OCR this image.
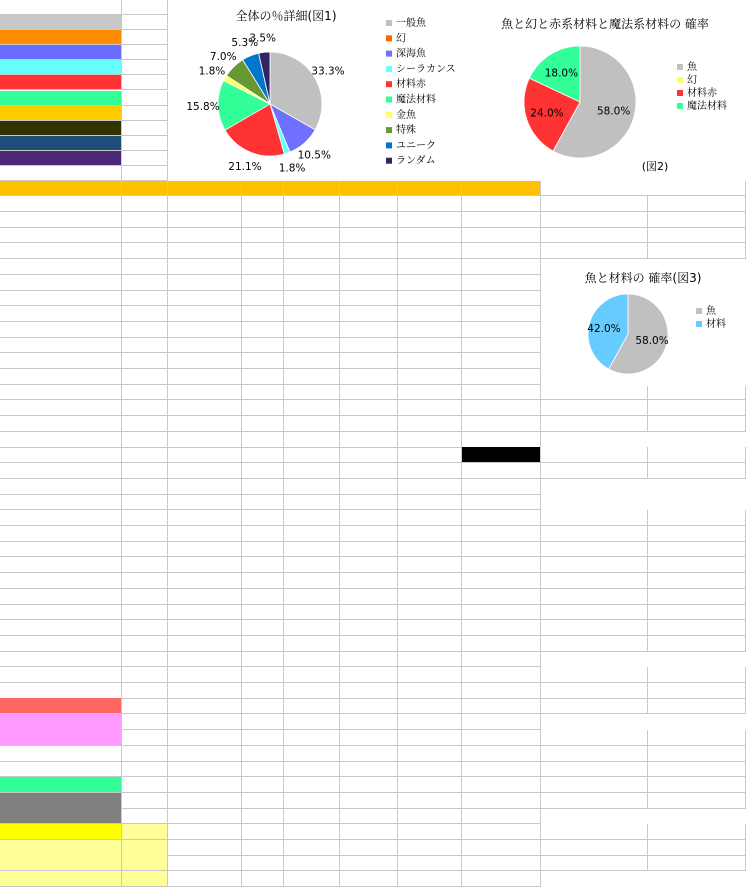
全体の％詳細(図1)
33.3%
10.5%
1.8%
21.1%
15.8%
1.8%
7.0%
5.3%
3.5%
一般魚
幻
深海魚
シーラカンス
材料赤
魔法材料
金魚
特殊
ユニーク
ランダム
魚と幻と赤系材料と魔法系材料の 確率
(図2)
58.0%
24.0%
18.0%
魚
幻
材料赤
魔法材料
魚と材料の 確率(図3)
58.0%
42.0%
魚
材料
